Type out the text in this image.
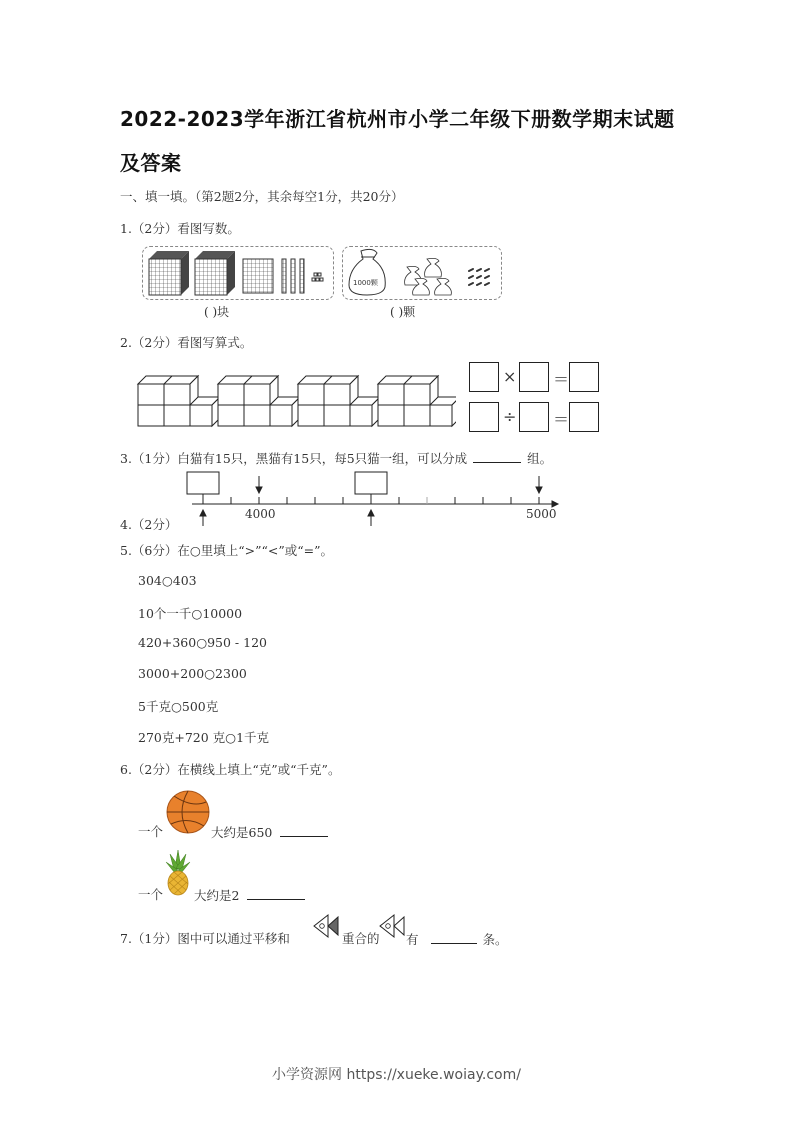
2022-2023学年浙江省杭州市小学二年级下册数学期末试题
及答案
一、填一填。（第2题2分，其余每空1分，共20分）
1.（2分）看图写数。
( )块
1000颗
( )颗
2.（2分）看图写算式。
× ＝
÷ ＝
3.（1分）白猫有15只，黑猫有15只，每5只猫一组，可以分成	组。
4.（2分）
4000	5000
5.（6分）在○里填上“>”“<”或“=”。
304○403
10个一千○10000
420+360○950 - 120
3000+200○2300
5千克○500克
270克+720 克○1千克
6.（2分）在横线上填上“克”或“千克”。
一个	大约是650
一个 大约是2
7.（1分）图中可以通过平移和	重合的 有	条。
小学资源网 https://xueke.woiay.com/
